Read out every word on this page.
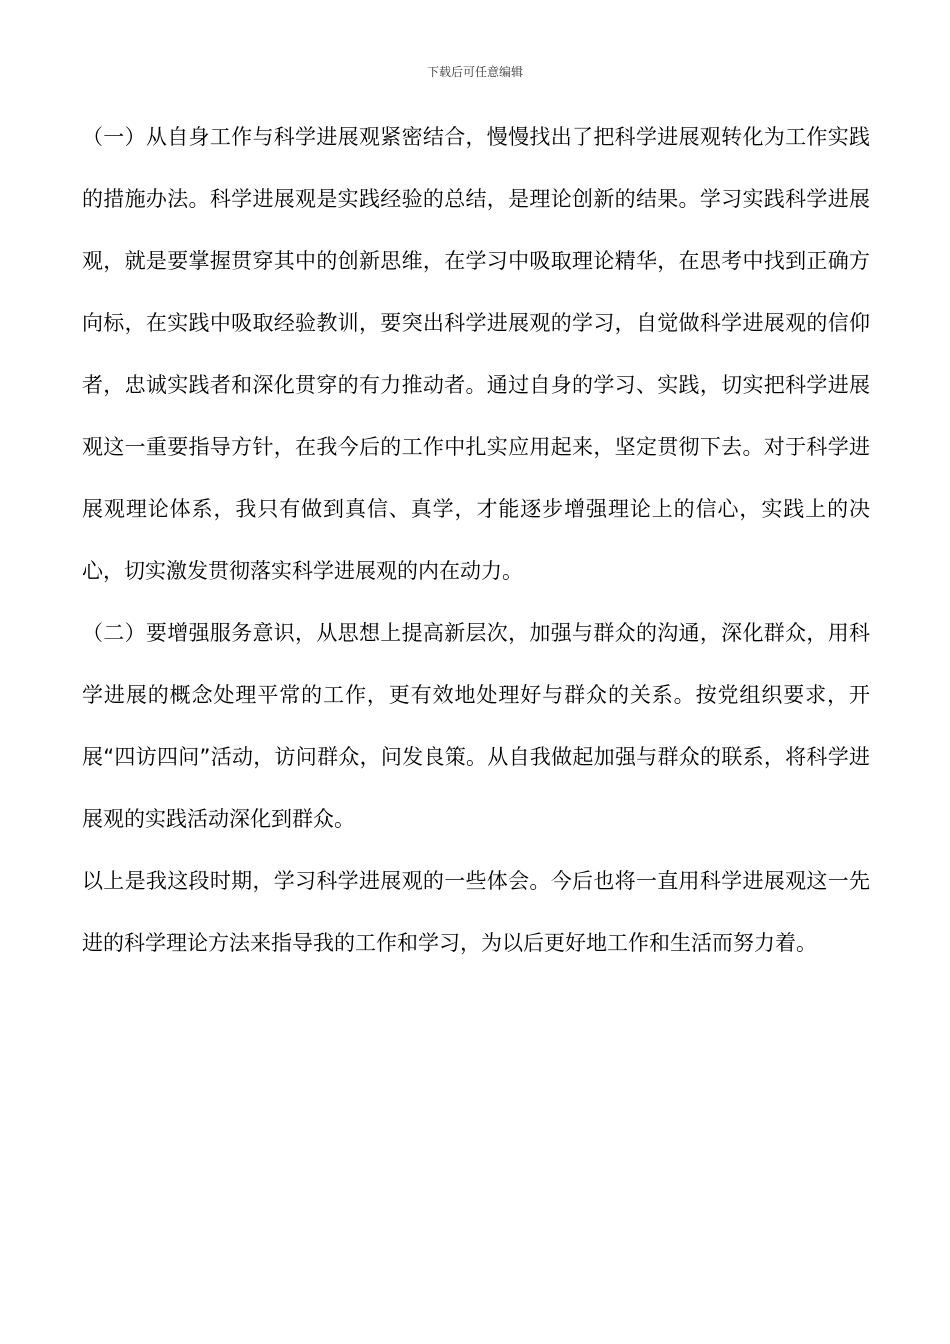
下载后可任意编辑

（一）从自身工作与科学进展观紧密结合，慢慢找出了把科学进展观转化为工作实践的措施办法。科学进展观是实践经验的总结，是理论创新的结果。学习实践科学进展观，就是要掌握贯穿其中的创新思维，在学习中吸取理论精华，在思考中找到正确方向标，在实践中吸取经验教训，要突出科学进展观的学习，自觉做科学进展观的信仰者，忠诚实践者和深化贯穿的有力推动者。通过自身的学习、实践，切实把科学进展观这一重要指导方针，在我今后的工作中扎实应用起来，坚定贯彻下去。对于科学进展观理论体系，我只有做到真信、真学，才能逐步增强理论上的信心，实践上的决心，切实激发贯彻落实科学进展观的内在动力。

（二）要增强服务意识，从思想上提高新层次，加强与群众的沟通，深化群众，用科学进展的概念处理平常的工作，更有效地处理好与群众的关系。按党组织要求，开展“四访四问”活动，访问群众，问发良策。从自我做起加强与群众的联系，将科学进展观的实践活动深化到群众。

以上是我这段时期，学习科学进展观的一些体会。今后也将一直用科学进展观这一先进的科学理论方法来指导我的工作和学习，为以后更好地工作和生活而努力着。
